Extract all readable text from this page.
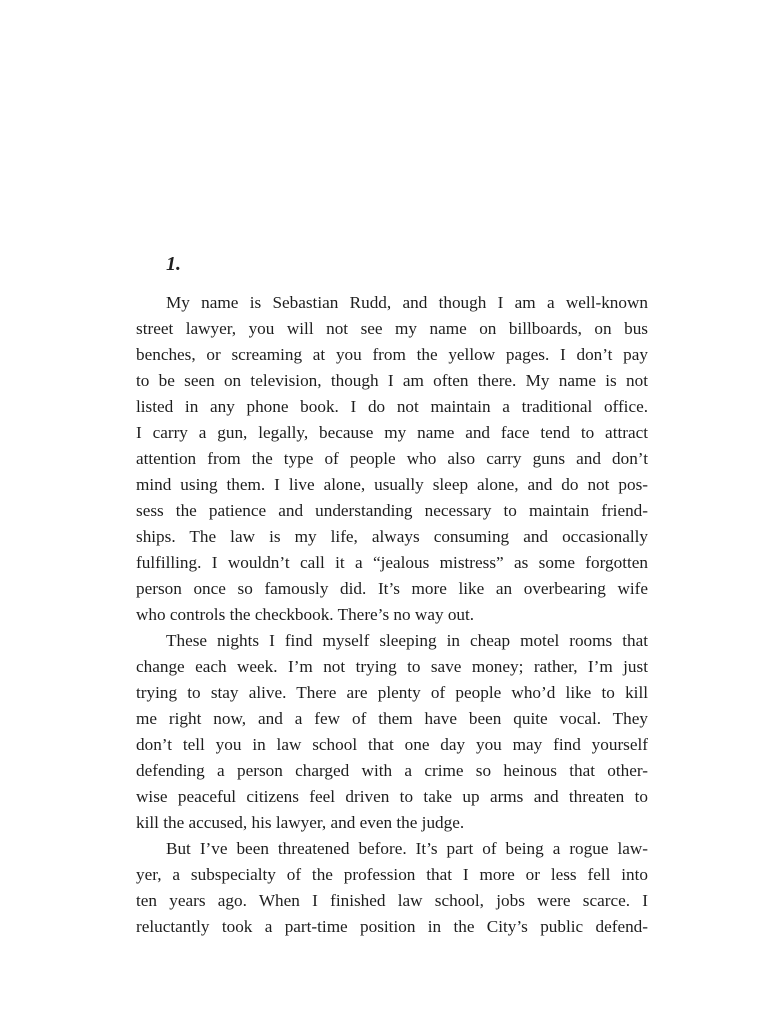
1.

My name is Sebastian Rudd, and though I am a well-known
street lawyer, you will not see my name on billboards, on bus
benches, or screaming at you from the yellow pages. I don’t pay
to be seen on television, though I am often there. My name is not
listed in any phone book. I do not maintain a traditional office.
I carry a gun, legally, because my name and face tend to attract
attention from the type of people who also carry guns and don’t
mind using them. I live alone, usually sleep alone, and do not pos-
sess the patience and understanding necessary to maintain friend-
ships. The law is my life, always consuming and occasionally
fulfilling. I wouldn’t call it a “jealous mistress” as some forgotten
person once so famously did. It’s more like an overbearing wife
who controls the checkbook. There’s no way out.

These nights I find myself sleeping in cheap motel rooms that
change each week. I’m not trying to save money; rather, I’m just
trying to stay alive. There are plenty of people who’d like to kill
me right now, and a few of them have been quite vocal. They
don’t tell you in law school that one day you may find yourself
defending a person charged with a crime so heinous that other-
wise peaceful citizens feel driven to take up arms and threaten to
kill the accused, his lawyer, and even the judge.

But I’ve been threatened before. It’s part of being a rogue law-
yer, a subspecialty of the profession that I more or less fell into
ten years ago. When I finished law school, jobs were scarce. I
reluctantly took a part-time position in the City’s public defend-
